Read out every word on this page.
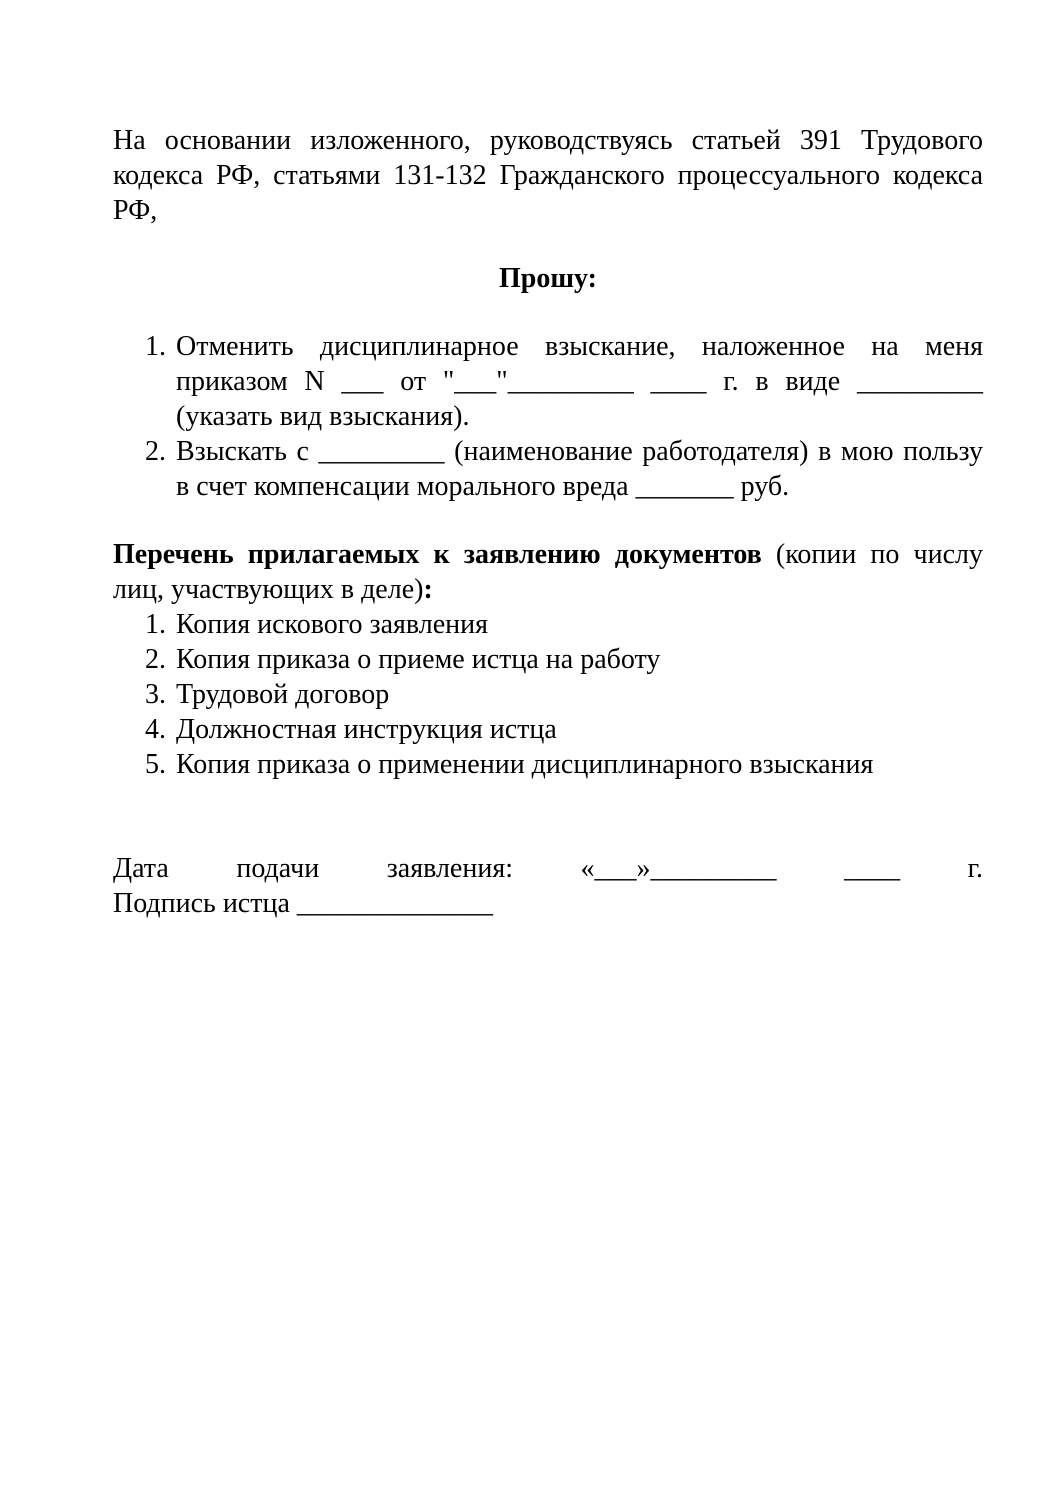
На основании изложенного, руководствуясь статьей 391 Трудового кодекса РФ, статьями 131-132 Гражданского процессуального кодекса РФ,

Прошу:

1. Отменить дисциплинарное взыскание, наложенное на меня приказом N ___ от "___"_________ ____ г. в виде _________ (указать вид взыскания).
2. Взыскать с _________ (наименование работодателя) в мою пользу в счет компенсации морального вреда _______ руб.

Перечень прилагаемых к заявлению документов (копии по числу лиц, участвующих в деле):

1. Копия искового заявления
2. Копия приказа о приеме истца на работу
3. Трудовой договор
4. Должностная инструкция истца
5. Копия приказа о применении дисциплинарного взыскания
Дата подачи заявления: «___»_________ ____ г.

Подпись истца ______________
